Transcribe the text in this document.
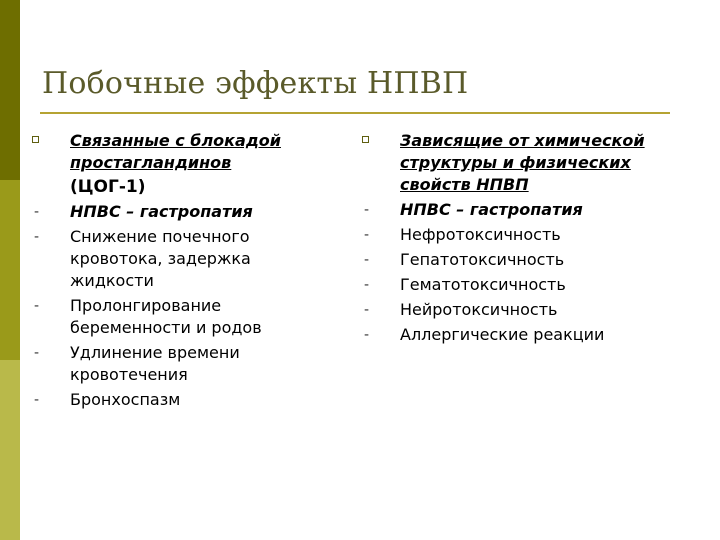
Побочные эффекты НПВП
Связанные с блокадой простагландинов
(ЦОГ-1)
- НПВС – гастропатия
- Снижение почечного кровотока, задержка жидкости
- Пролонгирование беременности и родов
- Удлинение времени кровотечения
- Бронхоспазм
Зависящие от химической структуры и физических свойств НПВП
- НПВС – гастропатия
- Нефротоксичность
- Гепатотоксичность
- Гематотоксичность
- Нейротоксичность
- Аллергические реакции
